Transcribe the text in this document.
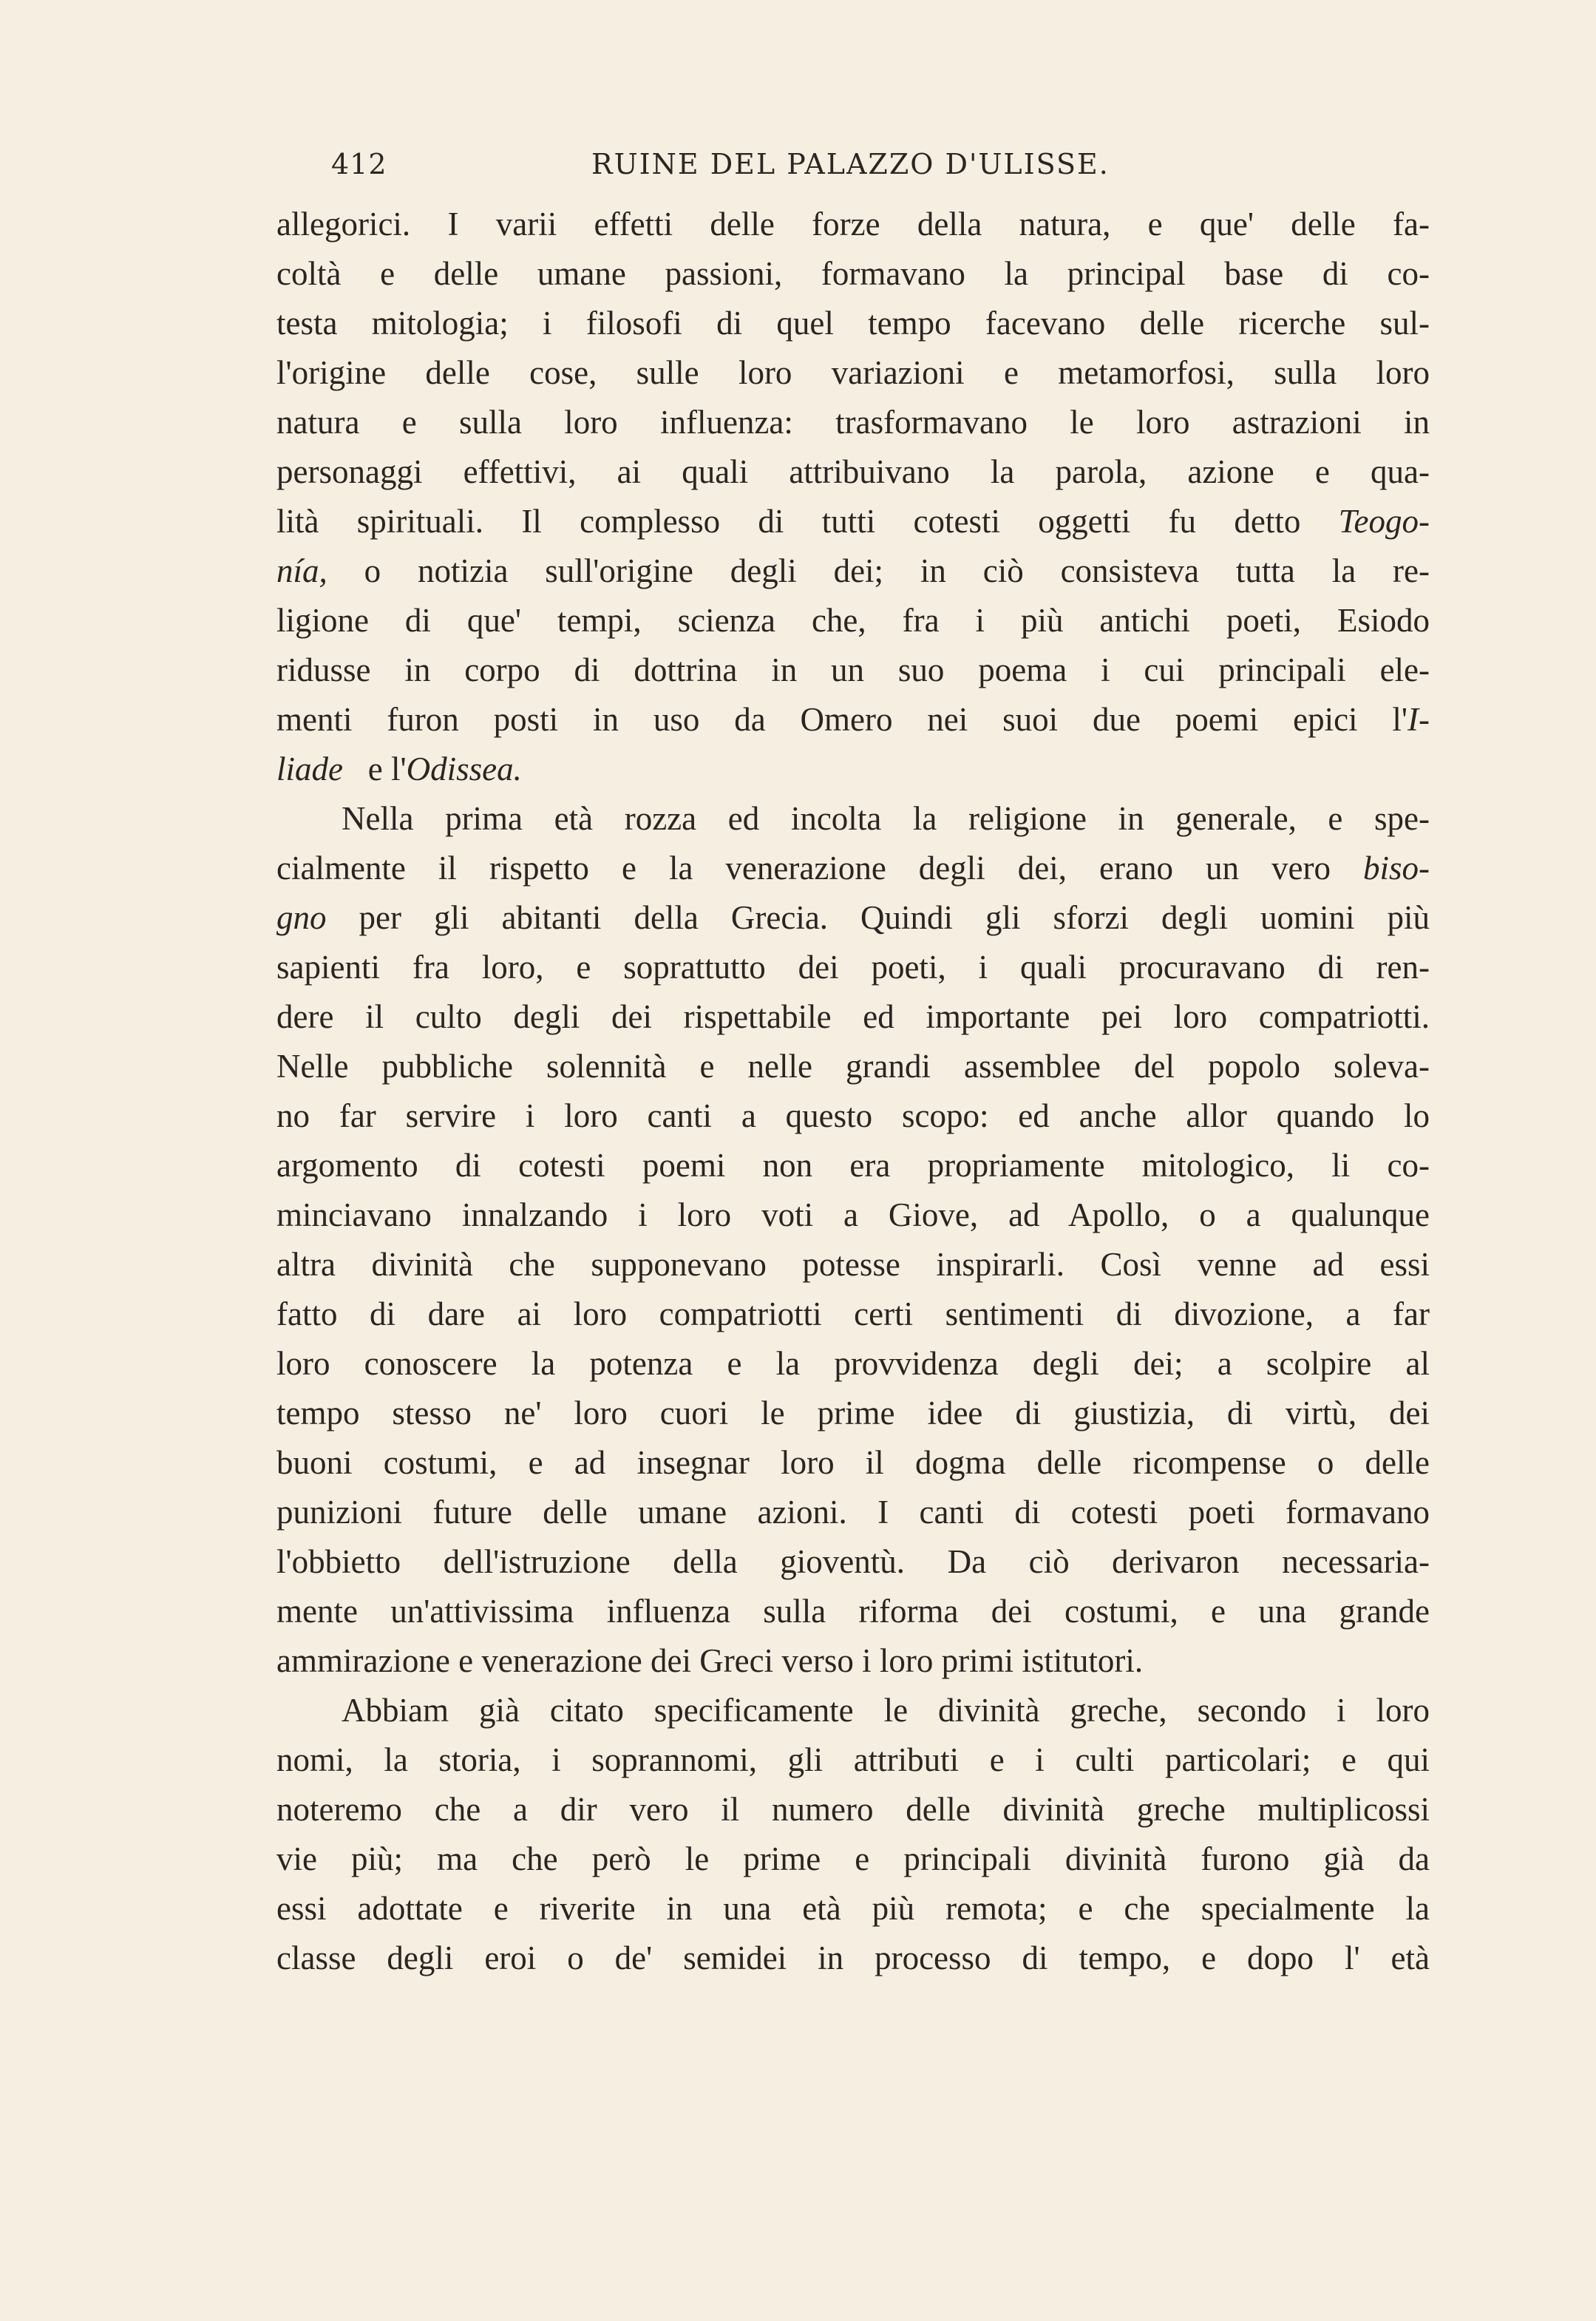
412	RUINE DEL PALAZZO D'ULISSE.
allegorici. I varii effetti delle forze della natura, e que' delle fa-
coltà e delle umane passioni, formavano la principal base di co-
testa mitologia; i filosofi di quel tempo facevano delle ricerche sul-
l'origine delle cose, sulle loro variazioni e metamorfosi, sulla loro
natura e sulla loro influenza: trasformavano le loro astrazioni in
personaggi effettivi, ai quali attribuivano la parola, azione e qua-
lità spirituali. Il complesso di tutti cotesti oggetti fu detto Teogo-
nía, o notizia sull'origine degli dei; in ciò consisteva tutta la re-
ligione di que' tempi, scienza che, fra i più antichi poeti, Esiodo
ridusse in corpo di dottrina in un suo poema i cui principali ele-
menti furon posti in uso da Omero nei suoi due poemi epici l'I-
liade e l'Odissea.
Nella prima età rozza ed incolta la religione in generale, e spe-
cialmente il rispetto e la venerazione degli dei, erano un vero biso-
gno per gli abitanti della Grecia. Quindi gli sforzi degli uomini più
sapienti fra loro, e soprattutto dei poeti, i quali procuravano di ren-
dere il culto degli dei rispettabile ed importante pei loro compatriotti.
Nelle pubbliche solennità e nelle grandi assemblee del popolo soleva-
no far servire i loro canti a questo scopo: ed anche allor quando lo
argomento di cotesti poemi non era propriamente mitologico, li co-
minciavano innalzando i loro voti a Giove, ad Apollo, o a qualunque
altra divinità che supponevano potesse inspirarli. Così venne ad essi
fatto di dare ai loro compatriotti certi sentimenti di divozione, a far
loro conoscere la potenza e la provvidenza degli dei; a scolpire al
tempo stesso ne' loro cuori le prime idee di giustizia, di virtù, dei
buoni costumi, e ad insegnar loro il dogma delle ricompense o delle
punizioni future delle umane azioni. I canti di cotesti poeti formavano
l'obbietto dell'istruzione della gioventù. Da ciò derivaron necessaria-
mente un'attivissima influenza sulla riforma dei costumi, e una grande
ammirazione e venerazione dei Greci verso i loro primi istitutori.
Abbiam già citato specificamente le divinità greche, secondo i loro
nomi, la storia, i soprannomi, gli attributi e i culti particolari; e qui
noteremo che a dir vero il numero delle divinità greche multiplicossi
vie più; ma che però le prime e principali divinità furono già da
essi adottate e riverite in una età più remota; e che specialmente la
classe degli eroi o de' semidei in processo di tempo, e dopo l' età
